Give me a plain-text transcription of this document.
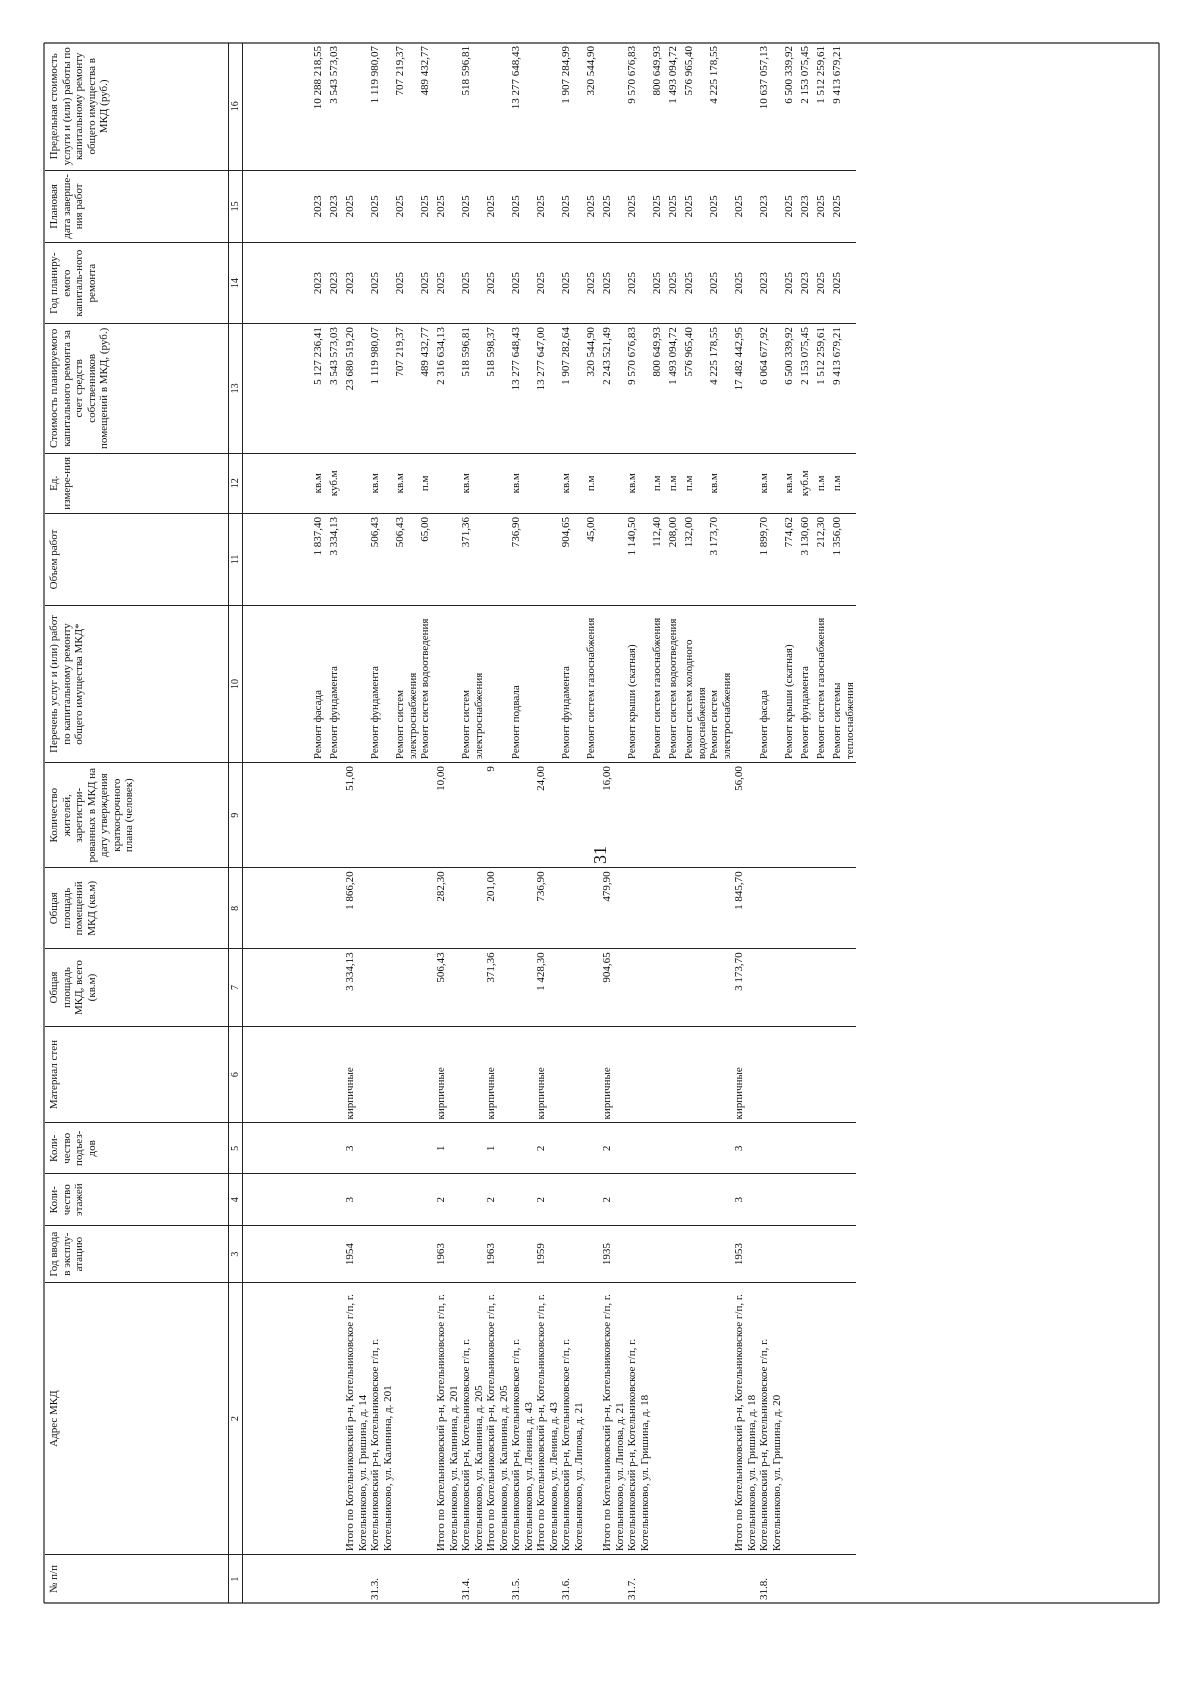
31
№ п/п	Адрес МКД	Год ввода в эксплу-атацию	Коли-чество этажей	Коли-чество подъез-дов	Материал стен	Общая площадь МКД, всего (кв.м)	Общая площадь помещений МКД (кв.м)	Количество жителей, зарегистри-рованных в МКД на дату утверждения краткосрочного плана (человек)	Перечень услуг и (или) работ по капитальному ремонту общего имущества МКД*	Объем работ	Ед. измере-ния	Стоимость планируемого капитального ремонта за счет средств собственников помещений в МКД, (руб.)	Год планиру-емого капиталь-ного ремонта	Плановая дата заверше-ния работ	Предельная стоимость услуги и (или) работы по капитальному ремонту общего имущества в МКД (руб.)
1	2	3	4	5	6	7	8	9	10	11	12	13	14	15	16

									Ремонт фасада	1 837,40	кв.м	5 127 236,41	2023	2023	10 288 218,55
									Ремонт фундамента	3 334,13	куб.м	3 543 573,03	2023	2023	3 543 573,03
	Итого по Котельниковский р-н, Котельниковское г/п, г. Котельниково, ул. Гришина, д. 14	1954	3	3	кирпичные	3 334,13	1 866,20	51,00				23 680 519,20	2023	2025	
31.3.	Котельниковский р-н, Котельниковское г/п, г. Котельниково, ул. Калинина, д. 201								Ремонт фундамента	506,43	кв.м	1 119 980,07	2025	2025	1 119 980,07
									Ремонт систем электроснабжения	506,43	кв.м	707 219,37	2025	2025	707 219,37
									Ремонт систем водоотведения	65,00	п.м	489 432,77	2025	2025	489 432,77
	Итого по Котельниковский р-н, Котельниковское г/п, г. Котельниково, ул. Калинина, д. 201	1963	2	1	кирпичные	506,43	282,30	10,00				2 316 634,13	2025	2025	
31.4.	Котельниковский р-н, Котельниковское г/п, г. Котельниково, ул. Калинина, д. 205								Ремонт систем электроснабжения	371,36	кв.м	518 596,81	2025	2025	518 596,81
	Итого по Котельниковский р-н, Котельниковское г/п, г. Котельниково, ул. Калинина, д. 205	1963	2	1	кирпичные	371,36	201,00	9				518 598,37	2025	2025	
31.5.	Котельниковский р-н, Котельниковское г/п, г. Котельниково, ул. Ленина, д. 43								Ремонт подвала	736,90	кв.м	13 277 648,43	2025	2025	13 277 648,43
	Итого по Котельниковский р-н, Котельниковское г/п, г. Котельниково, ул. Ленина, д. 43	1959	2	2	кирпичные	1 428,30	736,90	24,00				13 277 647,00	2025	2025	
31.6.	Котельниковский р-н, Котельниковское г/п, г. Котельниково, ул. Липова, д. 21								Ремонт фундамента	904,65	кв.м	1 907 282,64	2025	2025	1 907 284,99
									Ремонт систем газоснабжения	45,00	п.м	320 544,90	2025	2025	320 544,90
	Итого по Котельниковский р-н, Котельниковское г/п, г. Котельниково, ул. Липова, д. 21	1935	2	2	кирпичные	904,65	479,90	16,00				2 243 521,49	2025	2025	
31.7.	Котельниковский р-н, Котельниковское г/п, г. Котельниково, ул. Гришина, д. 18								Ремонт крыши (скатная)	1 140,50	кв.м	9 570 676,83	2025	2025	9 570 676,83
									Ремонт систем газоснабжения	112,40	п.м	800 649,93	2025	2025	800 649,93
									Ремонт систем водоотведения	208,00	п.м	1 493 094,72	2025	2025	1 493 094,72
									Ремонт систем холодного водоснабжения	132,00	п.м	576 965,40	2025	2025	576 965,40
									Ремонт систем электроснабжения	3 173,70	кв.м	4 225 178,55	2025	2025	4 225 178,55
	Итого по Котельниковский р-н, Котельниковское г/п, г. Котельниково, ул. Гришина, д. 18	1953	3	3	кирпичные	3 173,70	1 845,70	56,00				17 482 442,95	2025	2025	
31.8.	Котельниковский р-н, Котельниковское г/п, г. Котельниково, ул. Гришина, д. 20								Ремонт фасада	1 899,70	кв.м	6 064 677,92	2023	2023	10 637 057,13
									Ремонт крыши (скатная)	774,62	кв.м	6 500 339,92	2025	2025	6 500 339,92
									Ремонт фундамента	3 130,60	куб.м	2 153 075,45	2023	2023	2 153 075,45
									Ремонт систем газоснабжения	212,30	п.м	1 512 259,61	2025	2025	1 512 259,61
									Ремонт системы теплоснабжения	1 356,00	п.м	9 413 679,21	2025	2025	9 413 679,21
